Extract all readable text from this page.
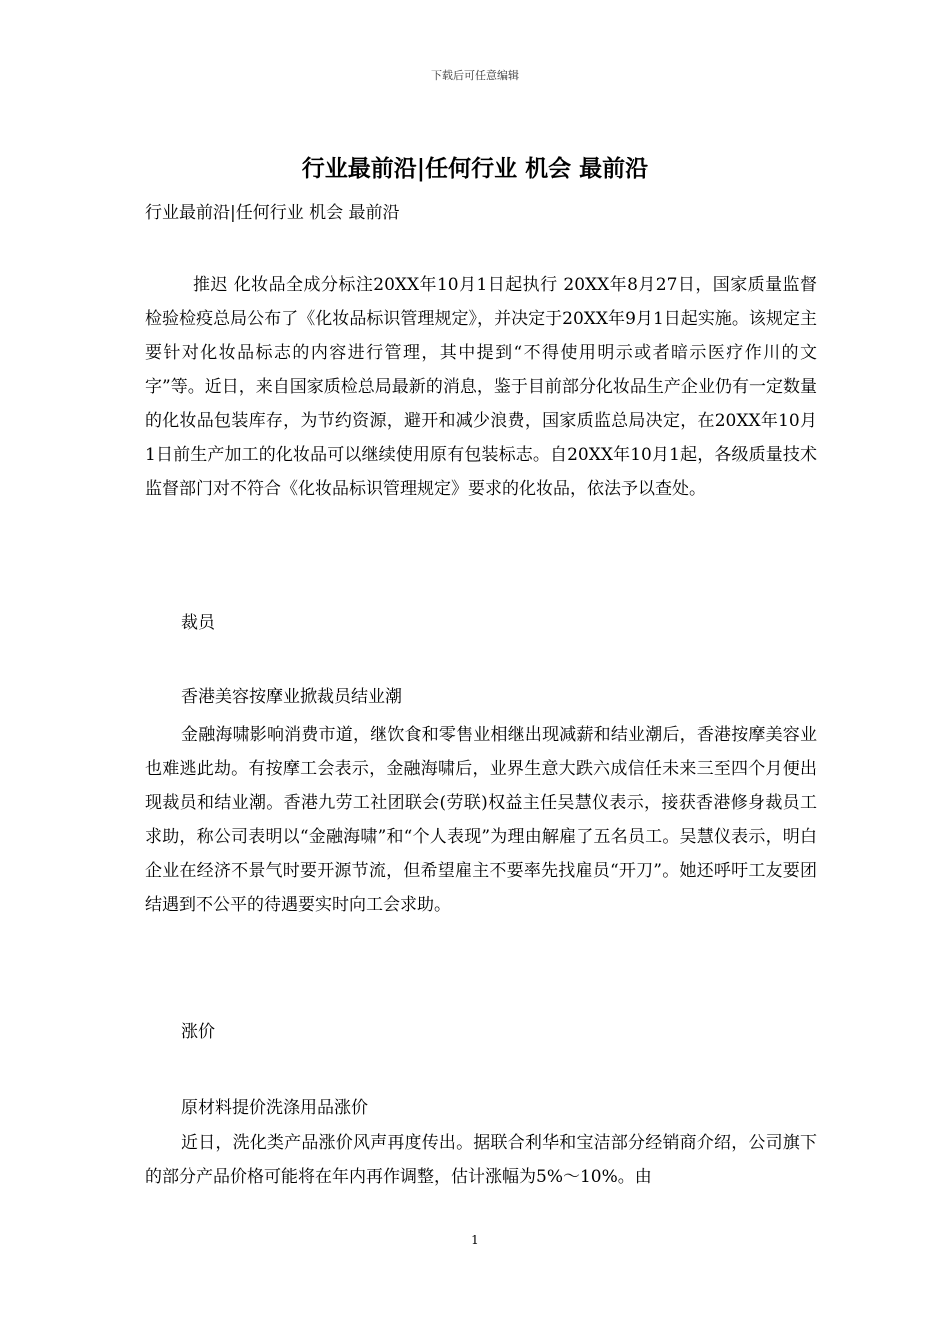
下载后可任意编辑
行业最前沿|任何行业 机会 最前沿

行业最前沿|任何行业 机会 最前沿

推迟 化妆品全成分标注20XX年10月1日起执行 20XX年8月27日，国家质量监督检验检疫总局公布了《化妆品标识管理规定》，并决定于20XX年9月1日起实施。该规定主要针对化妆品标志的内容进行管理，其中提到“不得使用明示或者暗示医疗作川的文字”等。近日，来自国家质检总局最新的消息，鉴于目前部分化妆品生产企业仍有一定数量的化妆品包装库存，为节约资源，避开和减少浪费，国家质监总局决定，在20XX年10月1日前生产加工的化妆品可以继续使用原有包装标志。自20XX年10月1起，各级质量技术监督部门对不符合《化妆品标识管理规定》要求的化妆品，依法予以查处。

裁员

香港美容按摩业掀裁员结业潮

金融海啸影响消费市道，继饮食和零售业相继出现减薪和结业潮后，香港按摩美容业也难逃此劫。有按摩工会表示，金融海啸后，业界生意大跌六成信任未来三至四个月便出现裁员和结业潮。香港九劳工社团联会(劳联)权益主任吴慧仪表示，接获香港修身裁员工求助，称公司表明以“金融海啸”和“个人表现”为理由解雇了五名员工。吴慧仪表示，明白企业在经济不景气时要开源节流，但希望雇主不要率先找雇员“开刀”。她还呼吁工友要团结遇到不公平的待遇要实时向工会求助。

涨价

原材料提价洗涤用品涨价

近日，洗化类产品涨价风声再度传出。据联合利华和宝洁部分经销商介绍，公司旗下的部分产品价格可能将在年内再作调整，估计涨幅为5%～10%。由

1
